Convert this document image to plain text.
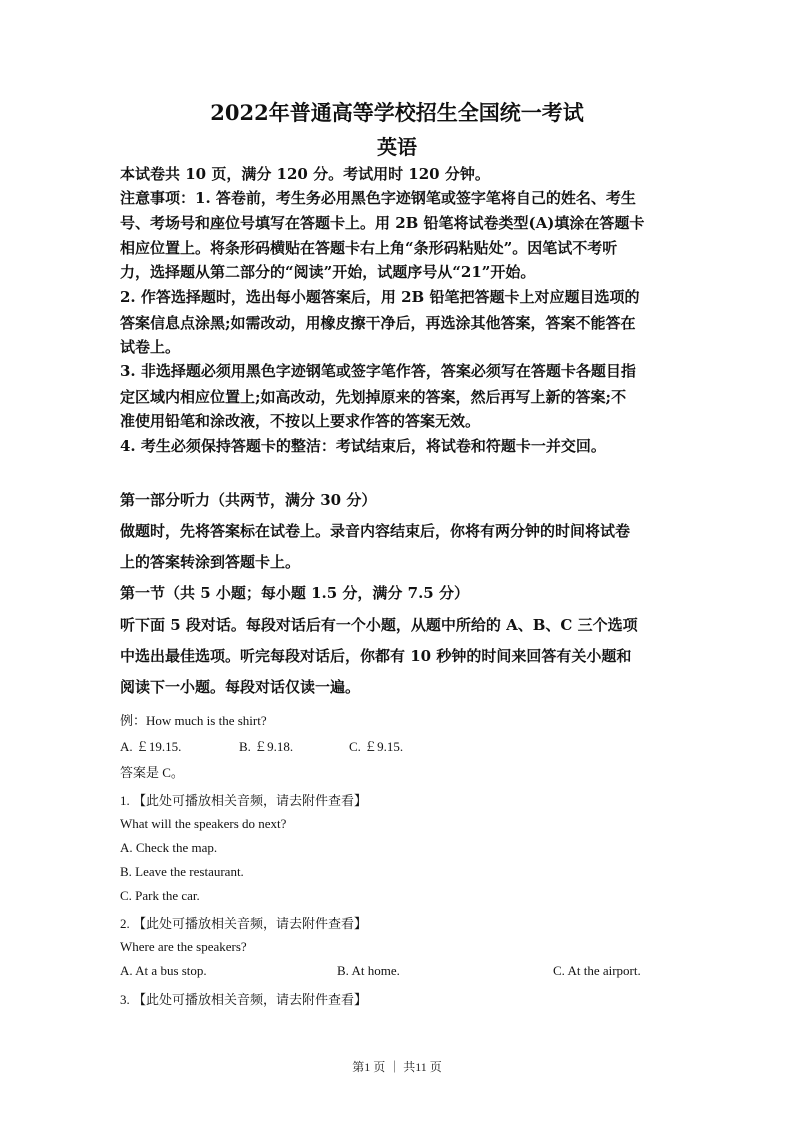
2022年普通高等学校招生全国统一考试
英语
本试卷共 10 页，满分 120 分。考试用时 120 分钟。
注意事项：1. 答卷前，考生务必用黑色字迹钢笔或签字笔将自己的姓名、考生
号、考场号和座位号填写在答题卡上。用 2B 铅笔将试卷类型(A)填涂在答题卡
相应位置上。将条形码横贴在答题卡右上角“条形码粘贴处”。因笔试不考听
力，选择题从第二部分的“阅读”开始，试题序号从“21”开始。
2. 作答选择题时，选出每小题答案后，用 2B 铅笔把答题卡上对应题目选项的
答案信息点涂黑;如需改动，用橡皮擦干净后，再选涂其他答案，答案不能答在
试卷上。
3. 非选择题必须用黑色字迹钢笔或签字笔作答，答案必须写在答题卡各题目指
定区域内相应位置上;如高改动，先划掉原来的答案，然后再写上新的答案;不
准使用铅笔和涂改液，不按以上要求作答的答案无效。
4. 考生必须保持答题卡的整洁：考试结束后，将试卷和符题卡一并交回。
第一部分听力（共两节，满分 30 分）
做题时，先将答案标在试卷上。录音内容结束后，你将有两分钟的时间将试卷
上的答案转涂到答题卡上。
第一节（共 5 小题；每小题 1.5 分，满分 7.5 分）
听下面 5 段对话。每段对话后有一个小题，从题中所给的 A、B、C 三个选项
中选出最佳选项。听完每段对话后，你都有 10 秒钟的时间来回答有关小题和
阅读下一小题。每段对话仅读一遍。
例：How much is the shirt?
A. ￡19.15.	B. ￡9.18.	C. ￡9.15.
答案是 C。
1. 【此处可播放相关音频，请去附件查看】
What will the speakers do next?
A. Check the map.
B. Leave the restaurant.
C. Park the car.
2. 【此处可播放相关音频，请去附件查看】
Where are the speakers?
A. At a bus stop.	B. At home.	C. At the airport.
3. 【此处可播放相关音频，请去附件查看】
第1 页 ｜ 共11 页
